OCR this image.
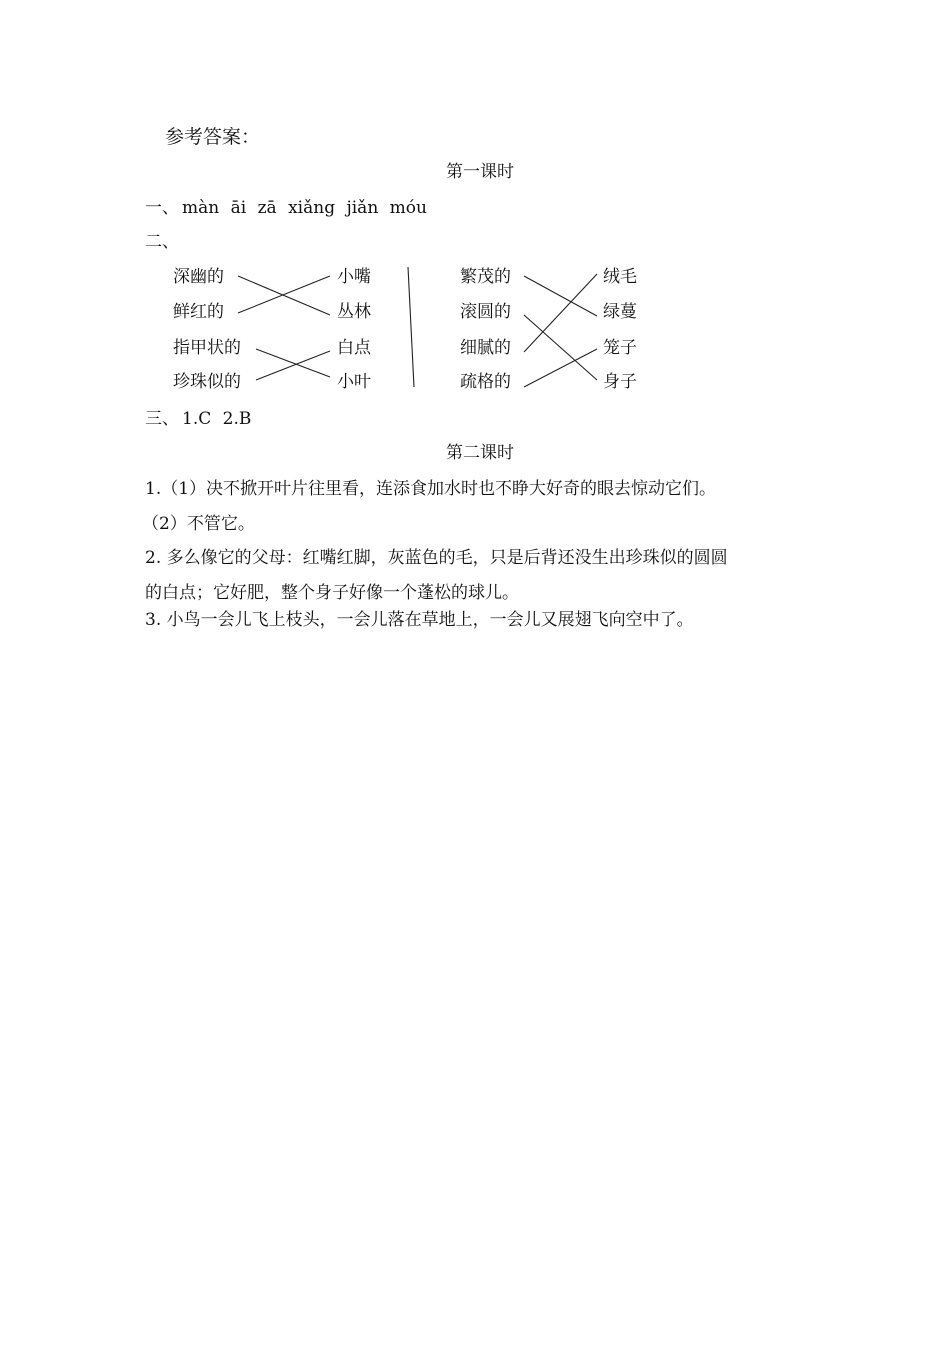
参考答案：
第一课时
一、 màn āi zā xiǎng jiǎn móu
二、
深幽的
鲜红的
指甲状的
珍珠似的
小嘴
丛林
白点
小叶
繁茂的
滚圆的
细腻的
疏格的
绒毛
绿蔓
笼子
身子
三、 1.C 2.B
第二课时
1.（1）决不掀开叶片往里看，连添食加水时也不睁大好奇的眼去惊动它们。
（2）不管它。
2. 多么像它的父母：红嘴红脚，灰蓝色的毛，只是后背还没生出珍珠似的圆圆
的白点；它好肥，整个身子好像一个蓬松的球儿。
3. 小鸟一会儿飞上枝头，一会儿落在草地上，一会儿又展翅飞向空中了。
